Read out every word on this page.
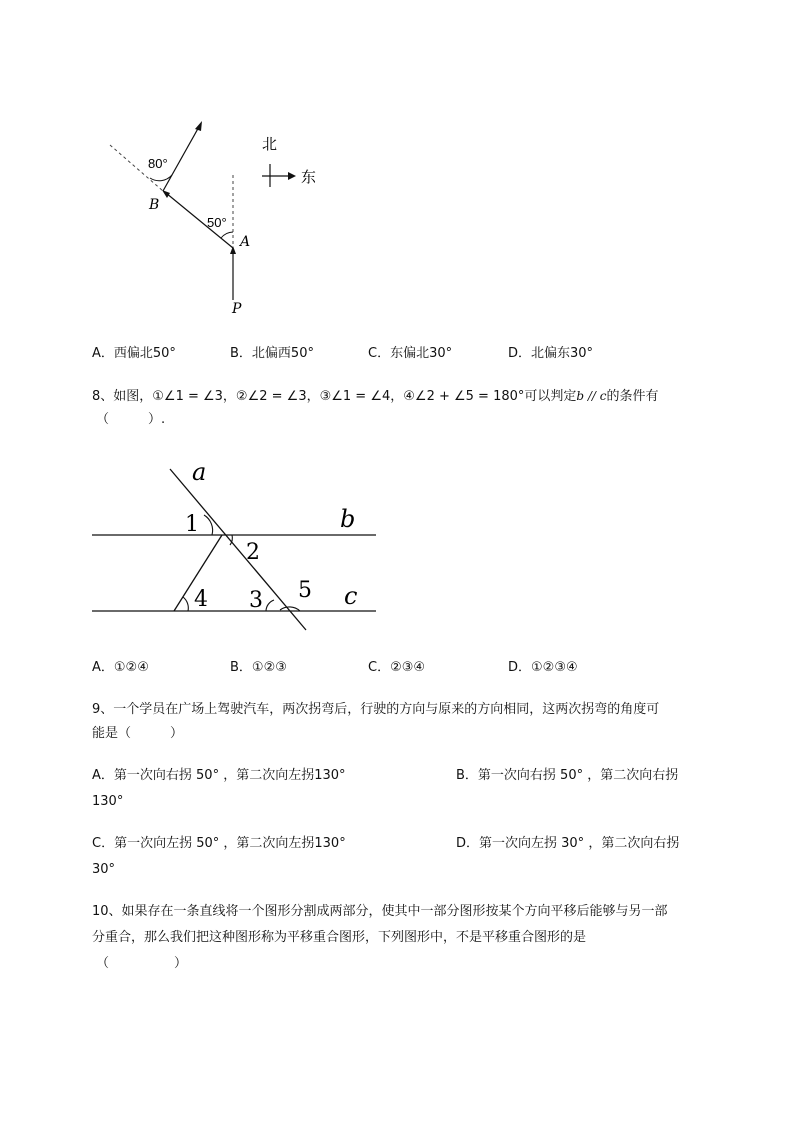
80°
B
50°
A
P
北
东
A．西偏北50°	B．北偏西50°	C．东偏北30°	D．北偏东30°
8、如图，①∠1 = ∠3，②∠2 = ∠3，③∠1 = ∠4，④∠2 + ∠5 = 180°可以判定b // c的条件有
（　　　）.
a
b
c
1
2
4 3 5
A．①②④	B．①②③	C．②③④	D．①②③④
9、一个学员在广场上驾驶汽车，两次拐弯后，行驶的方向与原来的方向相同，这两次拐弯的角度可
能是（　　　）
A．第一次向右拐 50° ，第二次向左拐130°	B．第一次向右拐 50° ，第二次向右拐
130°
C．第一次向左拐 50° ，第二次向左拐130°	D．第一次向左拐 30° ，第二次向右拐
30°
10、如果存在一条直线将一个图形分割成两部分，使其中一部分图形按某个方向平移后能够与另一部
分重合，那么我们把这种图形称为平移重合图形，下列图形中，不是平移重合图形的是
（　　　　　）
